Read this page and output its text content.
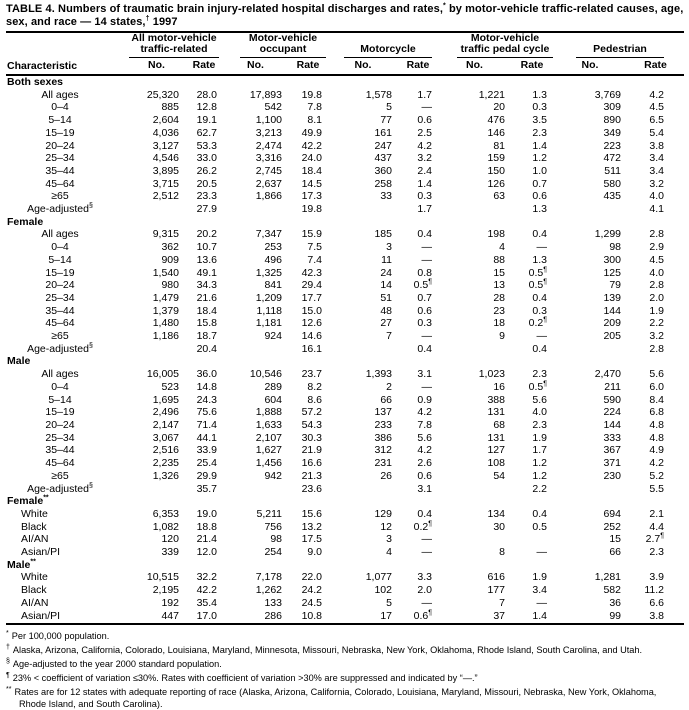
TABLE 4. Numbers of traumatic brain injury-related hospital discharges and rates,* by motor-vehicle traffic-related causes, age,
sex, and race — 14 states,† 1997
Characteristic	All motor-vehicle
traffic-related		Motor-vehicle
occupant		Motorcycle		Motor-vehicle
traffic pedal cycle		Pedestrian	

	No.	Rate	No.	Rate	No.	Rate	No.	Rate	No.	Rate
Both sexes										

All ages	25,320	28.0	17,893	19.8	1,578	1.7	1,221	1.3	3,769	4.2

0–4	885	12.8	542	7.8	5	—	20	0.3	309	4.5

5–14	2,604	19.1	1,100	8.1	77	0.6	476	3.5	890	6.5

15–19	4,036	62.7	3,213	49.9	161	2.5	146	2.3	349	5.4

20–24	3,127	53.3	2,474	42.2	247	4.2	81	1.4	223	3.8

25–34	4,546	33.0	3,316	24.0	437	3.2	159	1.2	472	3.4

35–44	3,895	26.2	2,745	18.4	360	2.4	150	1.0	511	3.4

45–64	3,715	20.5	2,637	14.5	258	1.4	126	0.7	580	3.2

≥65	2,512	23.3	1,866	17.3	33	0.3	63	0.6	435	4.0

Age-adjusted§		27.9		19.8		1.7		1.3		4.1
Female										

All ages	9,315	20.2	7,347	15.9	185	0.4	198	0.4	1,299	2.8

0–4	362	10.7	253	7.5	3	—	4	—	98	2.9

5–14	909	13.6	496	7.4	11	—	88	1.3	300	4.5

15–19	1,540	49.1	1,325	42.3	24	0.8	15	0.5¶	125	4.0

20–24	980	34.3	841	29.4	14	0.5¶	13	0.5¶	79	2.8

25–34	1,479	21.6	1,209	17.7	51	0.7	28	0.4	139	2.0

35–44	1,379	18.4	1,118	15.0	48	0.6	23	0.3	144	1.9

45–64	1,480	15.8	1,181	12.6	27	0.3	18	0.2¶	209	2.2

≥65	1,186	18.7	924	14.6	7	—	9	—	205	3.2

Age-adjusted§		20.4		16.1		0.4		0.4		2.8
Male										

All ages	16,005	36.0	10,546	23.7	1,393	3.1	1,023	2.3	2,470	5.6

0–4	523	14.8	289	8.2	2	—	16	0.5¶	211	6.0

5–14	1,695	24.3	604	8.6	66	0.9	388	5.6	590	8.4

15–19	2,496	75.6	1,888	57.2	137	4.2	131	4.0	224	6.8

20–24	2,147	71.4	1,633	54.3	233	7.8	68	2.3	144	4.8

25–34	3,067	44.1	2,107	30.3	386	5.6	131	1.9	333	4.8

35–44	2,516	33.9	1,627	21.9	312	4.2	127	1.7	367	4.9

45–64	2,235	25.4	1,456	16.6	231	2.6	108	1.2	371	4.2

≥65	1,326	29.9	942	21.3	26	0.6	54	1.2	230	5.2

Age-adjusted§		35.7		23.6		3.1		2.2		5.5
Female**

White	6,353	19.0	5,211	15.6	129	0.4	134	0.4	694	2.1

Black	1,082	18.8	756	13.2	12	0.2¶	30	0.5	252	4.4

AI/AN	120	21.4	98	17.5	3	—			15	2.7¶

Asian/PI	339	12.0	254	9.0	4	—	8	—	66	2.3
Male**

White	10,515	32.2	7,178	22.0	1,077	3.3	616	1.9	1,281	3.9

Black	2,195	42.2	1,262	24.2	102	2.0	177	3.4	582	11.2

AI/AN	192	35.4	133	24.5	5	—	7	—	36	6.6

Asian/PI	447	17.0	286	10.8	17	0.6¶	37	1.4	99	3.8
* Per 100,000 population.
† Alaska, Arizona, California, Colorado, Louisiana, Maryland, Minnesota, Missouri, Nebraska, New York, Oklahoma, Rhode Island, South Carolina, and Utah.
§ Age-adjusted to the year 2000 standard population.
¶ 23% < coefficient of variation ≤30%. Rates with coefficient of variation >30% are suppressed and indicated by “—.”
** Rates are for 12 states with adequate reporting of race (Alaska, Arizona, California, Colorado, Louisiana, Maryland, Missouri, Nebraska, New York, Oklahoma, Rhode Island, and South Carolina).
